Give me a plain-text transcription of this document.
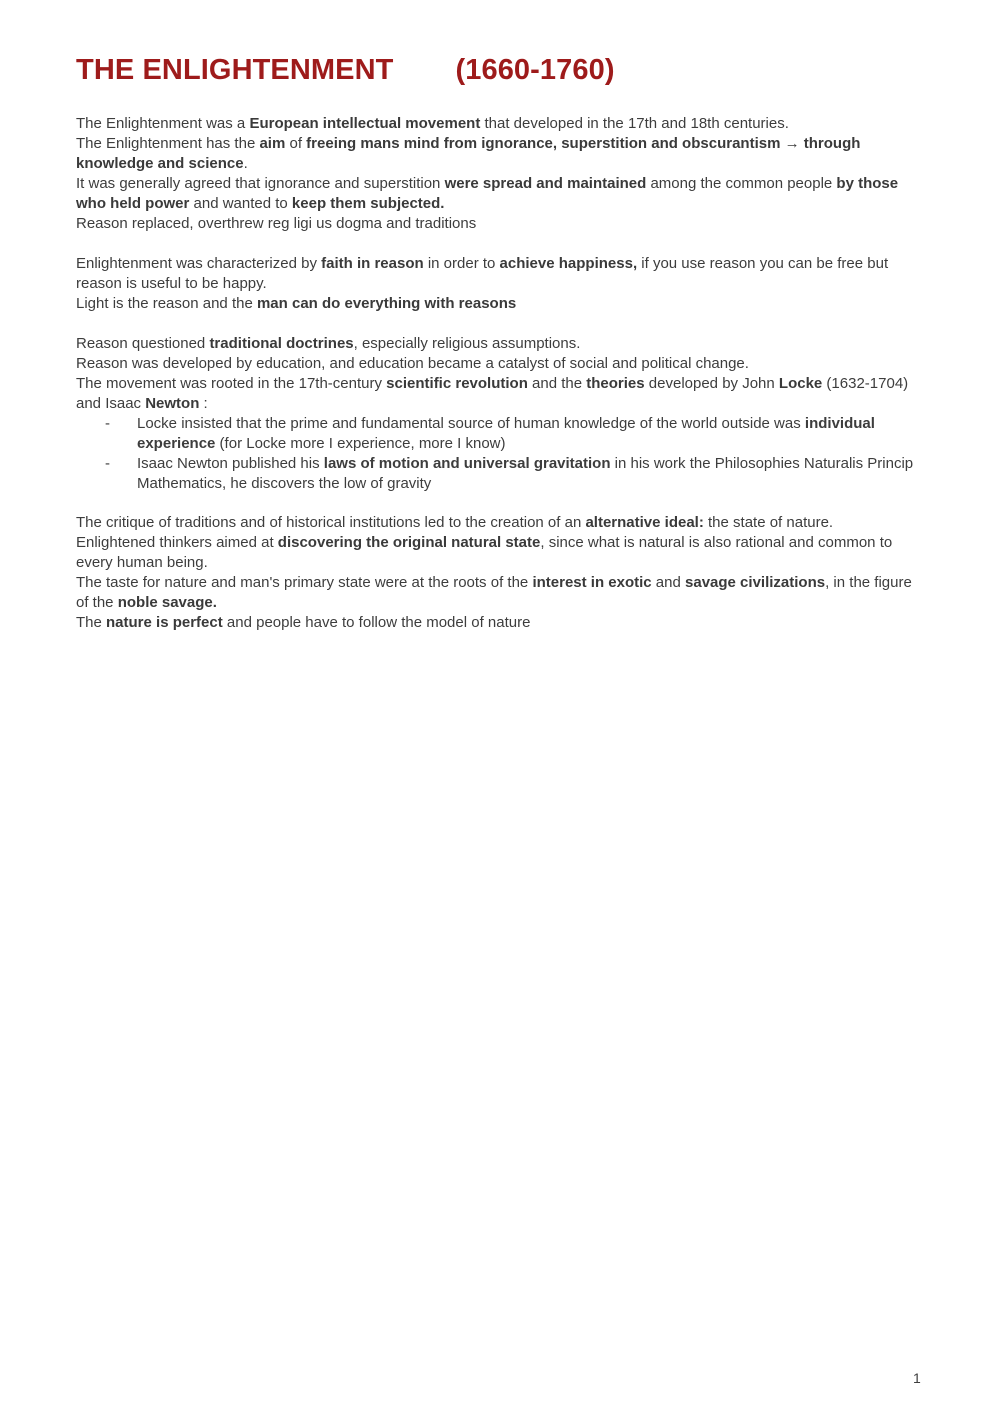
THE ENLIGHTENMENT (1660-1760)

The Enlightenment was a European intellectual movement that developed in the 17th and 18th centuries.

The Enlightenment has the aim of freeing mans mind from ignorance, superstition and obscurantism → through knowledge and science.

It was generally agreed that ignorance and superstition were spread and maintained among the common people by those who held power and wanted to keep them subjected.

Reason replaced, overthrew reg ligi us dogma and traditions

Enlightenment was characterized by faith in reason in order to achieve happiness, if you use reason you can be free but reason is useful to be happy.

Light is the reason and the man can do everything with reasons

Reason questioned traditional doctrines, especially religious assumptions.

Reason was developed by education, and education became a catalyst of social and political change.

The movement was rooted in the 17th-century scientific revolution and the theories developed by John Locke (1632-1704) and Isaac Newton :

- Locke insisted that the prime and fundamental source of human knowledge of the world outside was individual experience (for Locke more I experience, more I know)
- Isaac Newton published his laws of motion and universal gravitation in his work the Philosophies Naturalis Princip Mathematics, he discovers the low of gravity

The critique of traditions and of historical institutions led to the creation of an alternative ideal: the state of nature.

Enlightened thinkers aimed at discovering the original natural state, since what is natural is also rational and common to every human being.

The taste for nature and man's primary state were at the roots of the interest in exotic and savage civilizations, in the figure of the noble savage.

The nature is perfect and people have to follow the model of nature

1
